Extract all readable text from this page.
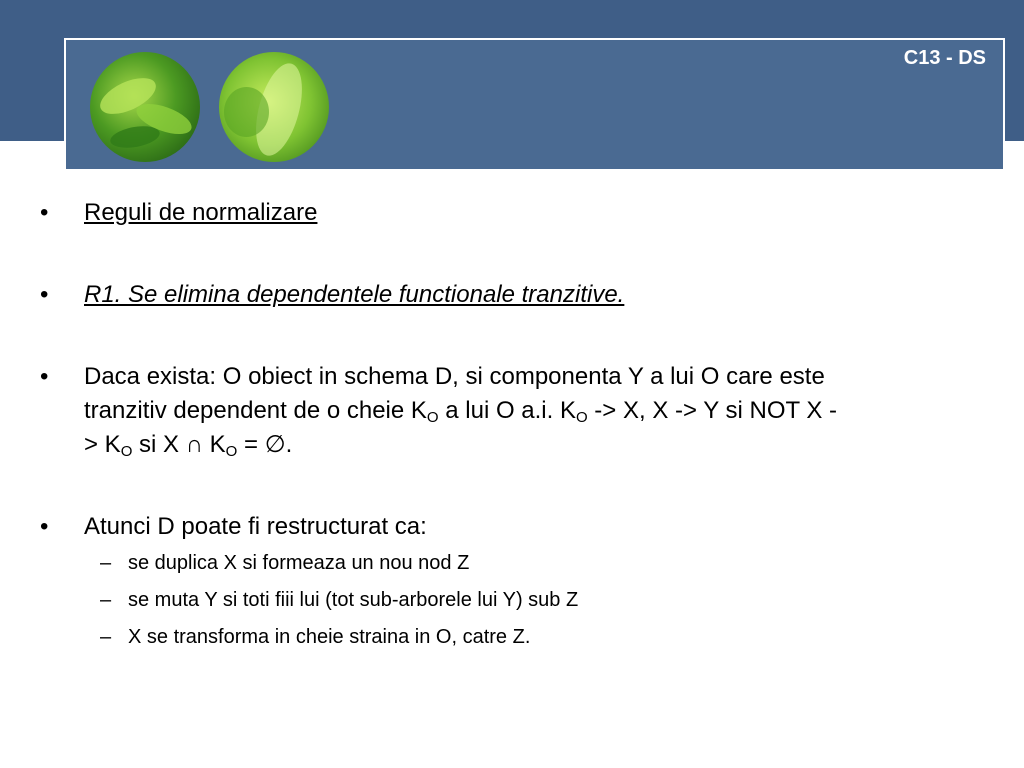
C13 - DS
• Reguli de normalizare
• R1. Se elimina dependentele functionale tranzitive.
• Daca exista: O obiect in schema D, si componenta Y a lui O care este
tranzitiv dependent de o cheie $K_O$ a lui O a.i. $K_O -> X$, X -> Y si NOT X -
> $K_O$ si X ∩ $K_O$ = ∅.
• Atunci D poate fi restructurat ca:
– se duplica X si formeaza un nou nod Z
– se muta Y si toti fiii lui (tot sub-arborele lui Y) sub Z
– X se transforma in cheie straina in O, catre Z.
